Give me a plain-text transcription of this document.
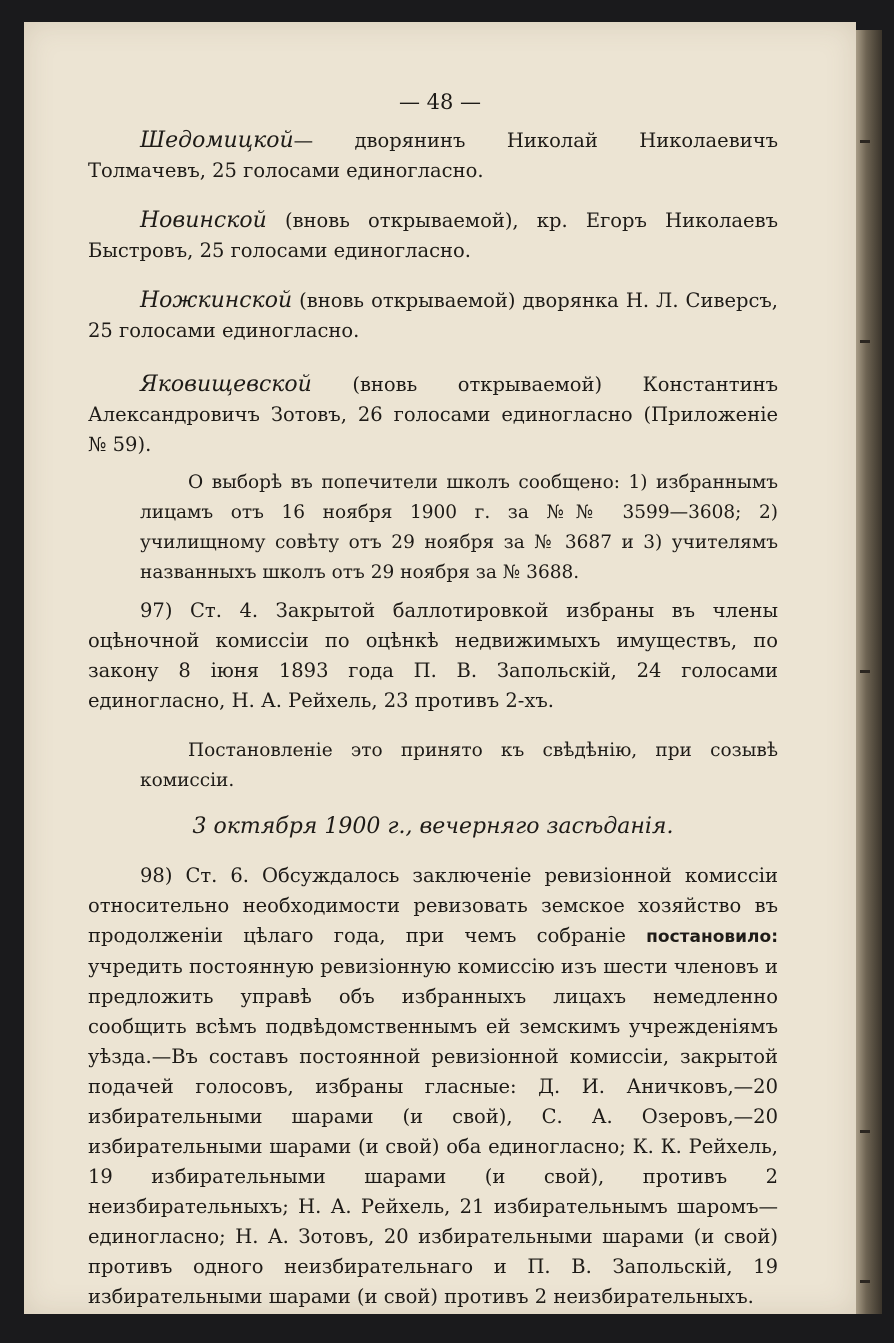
— 48 —

Шедомицкой— дворянинъ Николай Николаевичъ Толмачевъ, 25 голосами единогласно.

Новинской (вновь открываемой), кр. Егоръ Николаевъ Быстровъ, 25 голосами единогласно.

Ножкинской (вновь открываемой) дворянка Н. Л. Сиверсъ, 25 голосами единогласно.

Яковищевской (вновь открываемой) Константинъ Александровичъ Зотовъ, 26 голосами единогласно (Приложеніе № 59).

О выборѣ въ попечители школъ сообщено: 1) избраннымъ лицамъ отъ 16 ноября 1900 г. за №№ 3599—3608; 2) училищному совѣту отъ 29 ноября за № 3687 и 3) учителямъ названныхъ школъ отъ 29 ноября за № 3688.

97) Ст. 4. Закрытой баллотировкой избраны въ члены оцѣночной комиссіи по оцѣнкѣ недвижимыхъ имуществъ, по закону 8 іюня 1893 года П. В. Запольскій, 24 голосами единогласно, Н. А. Рейхель, 23 противъ 2-хъ.

Постановленіе это принято къ свѣдѣнію, при созывѣ комиссіи.

3 октября 1900 г., вечерняго засѣданія.

98) Ст. 6. Обсуждалось заключеніе ревизіонной комиссіи относительно необходимости ревизовать земское хозяйство въ продолженіи цѣлаго года, при чемъ собраніе постановило: учредить постоянную ревизіонную комиссію изъ шести членовъ и предложить управѣ объ избранныхъ лицахъ немедленно сообщить всѣмъ подвѣдомственнымъ ей земскимъ учрежденіямъ уѣзда.—Въ составъ постоянной ревизіонной комиссіи, закрытой подачей голосовъ, избраны гласные: Д. И. Аничковъ,—20 избирательными шарами (и свой), С. А. Озеровъ,—20 избирательными шарами (и свой) оба единогласно; К. К. Рейхель, 19 избирательными шарами (и свой), противъ 2 неизбирательныхъ; Н. А. Рейхель, 21 избирательнымъ шаромъ—единогласно; Н. А. Зотовъ, 20 избирательными шарами (и свой) противъ одного неизбирательнаго и П. В. Запольскій, 19 избирательными шарами (и свой) противъ 2 неизбирательныхъ.
